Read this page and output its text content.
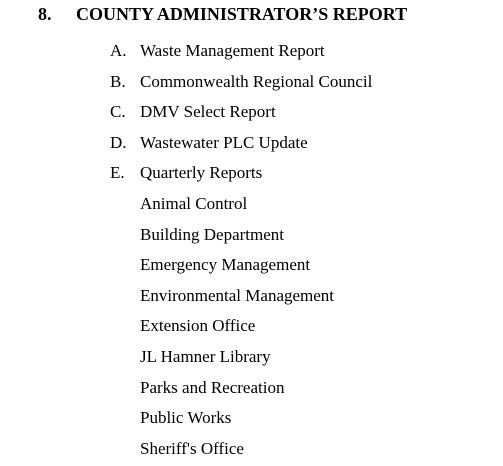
8. COUNTY ADMINISTRATOR’S REPORT
A. Waste Management Report
B. Commonwealth Regional Council
C. DMV Select Report
D. Wastewater PLC Update
E. Quarterly Reports
Animal Control
Building Department
Emergency Management
Environmental Management
Extension Office
JL Hamner Library
Parks and Recreation
Public Works
Sheriff's Office
